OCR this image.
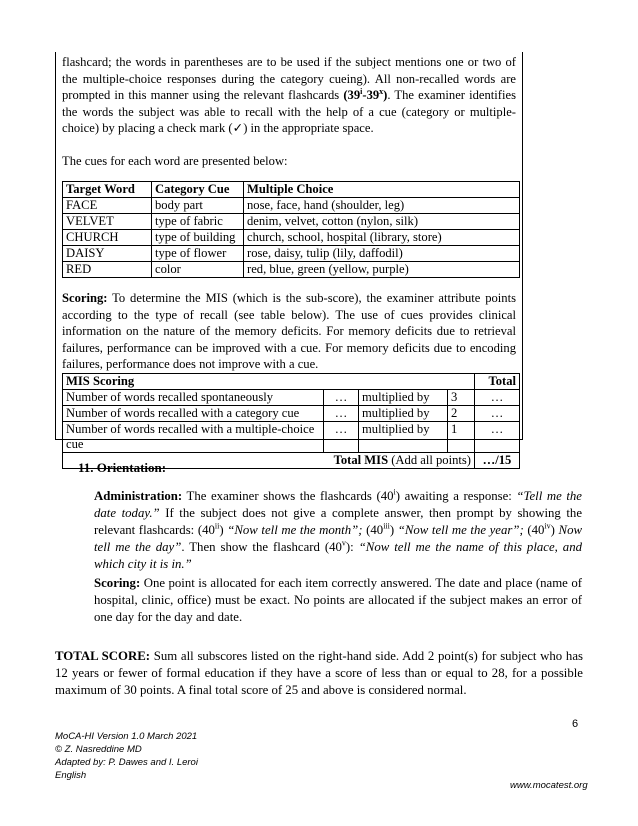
flashcard; the words in parentheses are to be used if the subject mentions one or two of the multiple-choice responses during the category cueing). All non-recalled words are prompted in this manner using the relevant flashcards (39$^i$-39$^x$). The examiner identifies the words the subject was able to recall with the help of a cue (category or multiple-choice) by placing a check mark (✓) in the appropriate space.

The cues for each word are presented below:

Target Word	Category Cue	Multiple Choice
FACE	body part	nose, face, hand (shoulder, leg)
VELVET	type of fabric	denim, velvet, cotton (nylon, silk)
CHURCH	type of building	church, school, hospital (library, store)
DAISY	type of flower	rose, daisy, tulip (lily, daffodil)
RED	color	red, blue, green (yellow, purple)

Scoring: To determine the MIS (which is the sub-score), the examiner attribute points according to the type of recall (see table below). The use of cues provides clinical information on the nature of the memory deficits. For memory deficits due to retrieval failures, performance can be improved with a cue. For memory deficits due to encoding failures, performance does not improve with a cue.

MIS Scoring				Total
Number of words recalled spontaneously	…	multiplied by	3	…
Number of words recalled with a category cue	…	multiplied by	2	…
Number of words recalled with a multiple-choice cue	…	multiplied by	1	…
Total MIS (Add all points)				…/15
11. Orientation:

Administration: The examiner shows the flashcards (40$^i$) awaiting a response: “Tell me the date today.” If the subject does not give a complete answer, then prompt by showing the relevant flashcards: (40$^{ii}$) “Now tell me the month”; (40$^{iii}$) “Now tell me the year”; (40$^{iv}$) Now tell me the day”. Then show the flashcard (40$^v$): “Now tell me the name of this place, and which city it is in.”

Scoring: One point is allocated for each item correctly answered. The date and place (name of hospital, clinic, office) must be exact. No points are allocated if the subject makes an error of one day for the day and date.

TOTAL SCORE: Sum all subscores listed on the right-hand side. Add 2 point(s) for subject who has 12 years or fewer of formal education if they have a score of less than or equal to 28, for a possible maximum of 30 points. A final total score of 25 and above is considered normal.

6
MoCA-HI Version 1.0 March 2021
© Z. Nasreddine MD
Adapted by: P. Dawes and I. Leroi
English
www.mocatest.org
